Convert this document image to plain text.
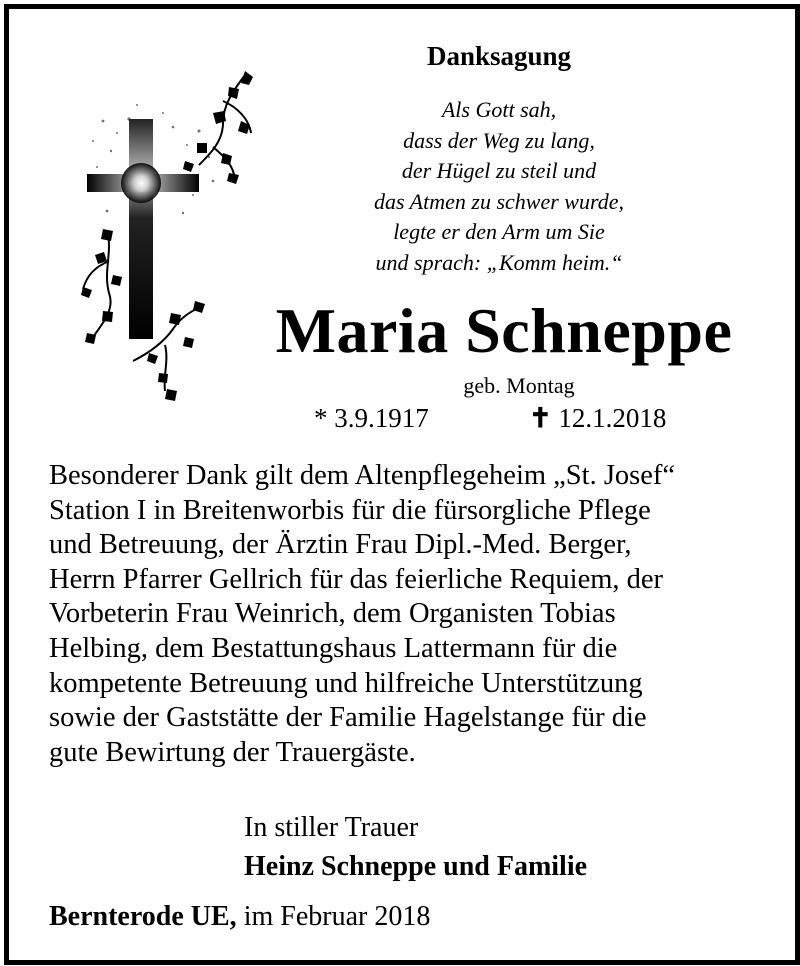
Danksagung
Als Gott sah,
dass der Weg zu lang,
der Hügel zu steil und
das Atmen zu schwer wurde,
legte er den Arm um Sie
und sprach: „Komm heim.“
Maria Schneppe
geb. Montag
* 3.9.1917	✝ 12.1.2018
Besonderer Dank gilt dem Altenpflegeheim „St. Josef“
Station I in Breitenworbis für die fürsorgliche Pflege
und Betreuung, der Ärztin Frau Dipl.-Med. Berger,
Herrn Pfarrer Gellrich für das feierliche Requiem, der
Vorbeterin Frau Weinrich, dem Organisten Tobias
Helbing, dem Bestattungshaus Lattermann für die
kompetente Betreuung und hilfreiche Unterstützung
sowie der Gaststätte der Familie Hagelstange für die
gute Bewirtung der Trauergäste.
In stiller Trauer
Heinz Schneppe und Familie
Bernterode UE, im Februar 2018
